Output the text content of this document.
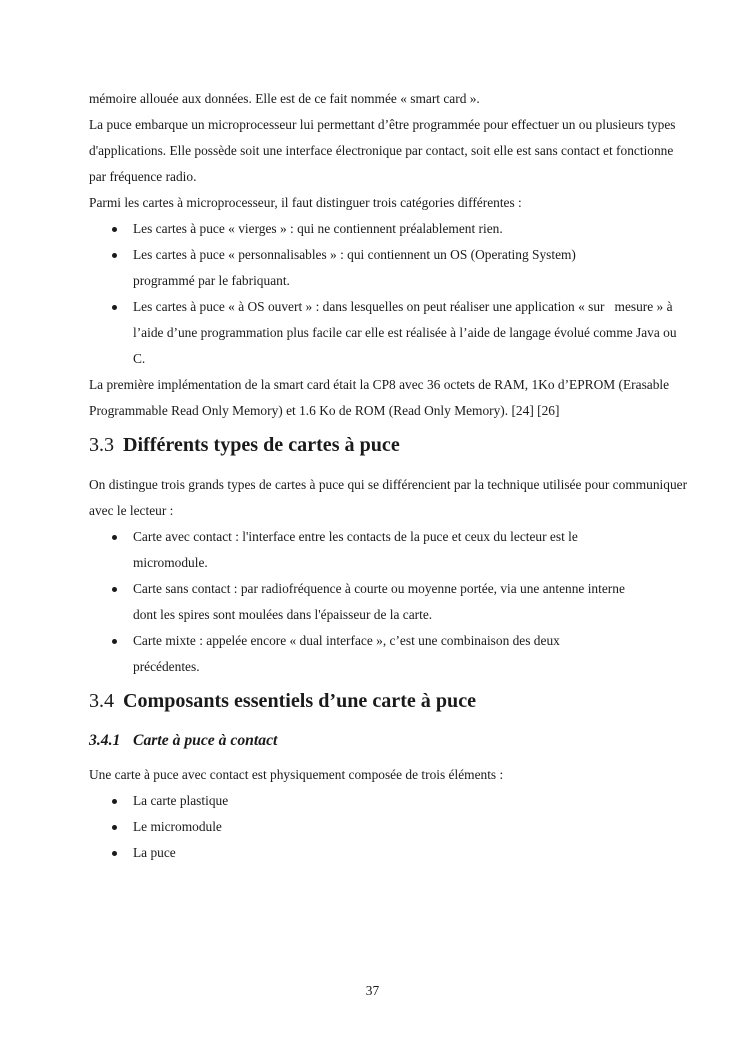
mémoire allouée aux données. Elle est de ce fait nommée « smart card ».

La puce embarque un microprocesseur lui permettant d’être programmée pour effectuer un ou plusieurs types d'applications. Elle possède soit une interface électronique par contact, soit elle est sans contact et fonctionne par fréquence radio.

Parmi les cartes à microprocesseur, il faut distinguer trois catégories différentes :

Les cartes à puce « vierges » : qui ne contiennent préalablement rien.
Les cartes à puce « personnalisables » : qui contiennent un OS (Operating System) programmé par le fabriquant.
Les cartes à puce « à OS ouvert » : dans lesquelles on peut réaliser une application « sur   mesure » à l’aide d’une programmation plus facile car elle est réalisée à l’aide de langage évolué comme Java ou C.

La première implémentation de la smart card était la CP8 avec 36 octets de RAM, 1Ko d’EPROM (Erasable Programmable Read Only Memory) et 1.6 Ko de ROM (Read Only Memory). [24] [26]

3.3 Différents types de cartes à puce

On distingue trois grands types de cartes à puce qui se différencient par la technique utilisée pour communiquer avec le lecteur :

Carte avec contact : l'interface entre les contacts de la puce et ceux du lecteur est le micromodule.
Carte sans contact : par radiofréquence à courte ou moyenne portée, via une antenne interne dont les spires sont moulées dans l'épaisseur de la carte.
Carte mixte : appelée encore « dual interface », c’est une combinaison des deux précédentes.
3.4 Composants essentiels d’une carte à puce
3.4.1 Carte à puce à contact

Une carte à puce avec contact est physiquement composée de trois éléments :

La carte plastique
Le micromodule
La puce
37
